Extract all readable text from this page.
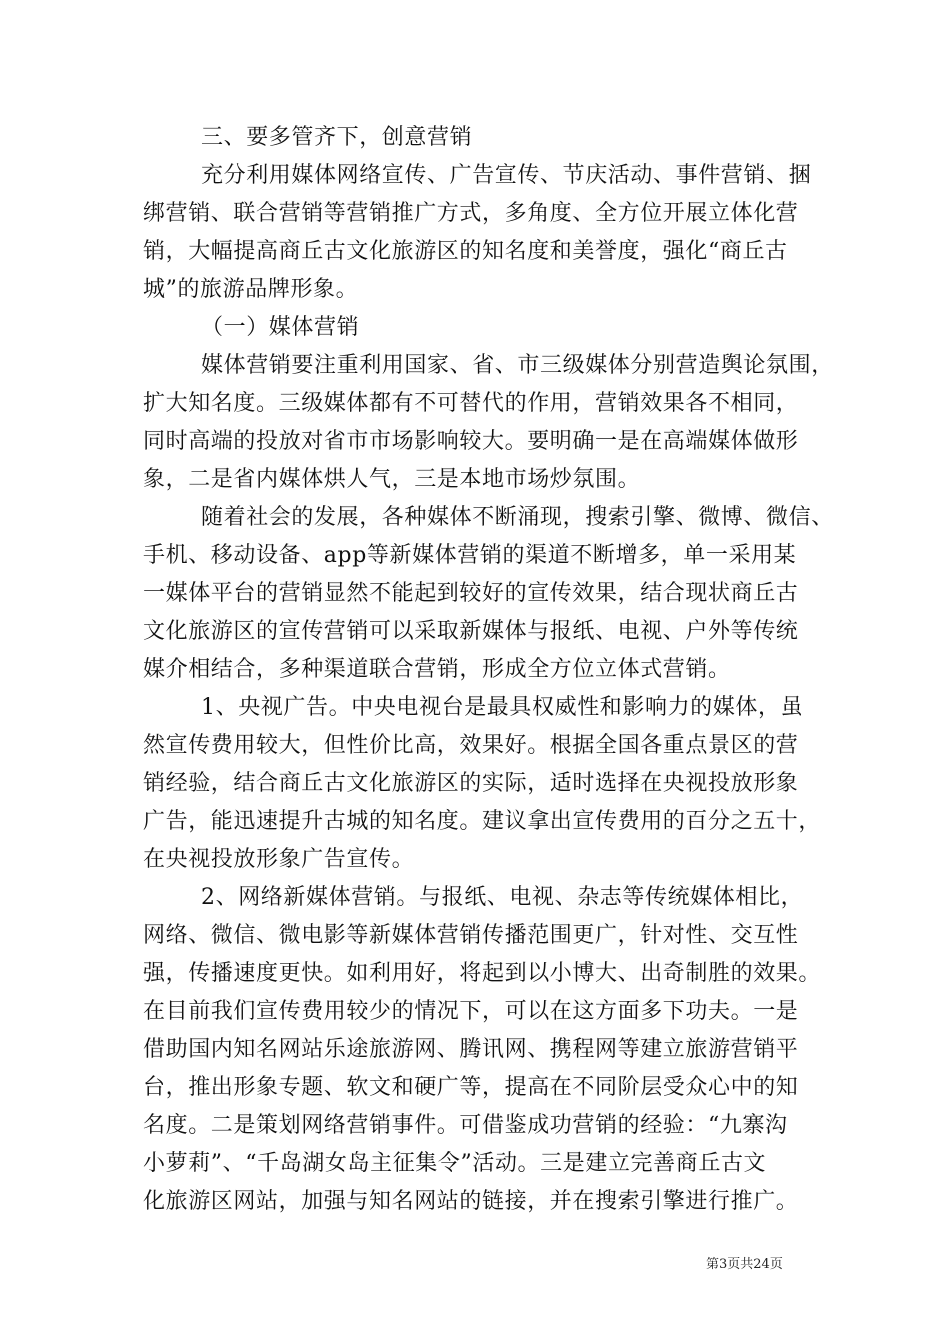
三、要多管齐下，创意营销

充分利用媒体网络宣传、广告宣传、节庆活动、事件营销、捆

绑营销、联合营销等营销推广方式，多角度、全方位开展立体化营

销，大幅提高商丘古文化旅游区的知名度和美誉度，强化“商丘古

城”的旅游品牌形象。

（一）媒体营销

媒体营销要注重利用国家、省、市三级媒体分别营造舆论氛围，

扩大知名度。三级媒体都有不可替代的作用，营销效果各不相同，

同时高端的投放对省市市场影响较大。要明确一是在高端媒体做形

象，二是省内媒体烘人气，三是本地市场炒氛围。

随着社会的发展，各种媒体不断涌现，搜索引擎、微博、微信、

手机、移动设备、app等新媒体营销的渠道不断增多，单一采用某

一媒体平台的营销显然不能起到较好的宣传效果，结合现状商丘古

文化旅游区的宣传营销可以采取新媒体与报纸、电视、户外等传统

媒介相结合，多种渠道联合营销，形成全方位立体式营销。

1、央视广告。中央电视台是最具权威性和影响力的媒体，虽

然宣传费用较大，但性价比高，效果好。根据全国各重点景区的营

销经验，结合商丘古文化旅游区的实际，适时选择在央视投放形象

广告，能迅速提升古城的知名度。建议拿出宣传费用的百分之五十，

在央视投放形象广告宣传。

2、网络新媒体营销。与报纸、电视、杂志等传统媒体相比，

网络、微信、微电影等新媒体营销传播范围更广，针对性、交互性

强，传播速度更快。如利用好，将起到以小博大、出奇制胜的效果。

在目前我们宣传费用较少的情况下，可以在这方面多下功夫。一是

借助国内知名网站乐途旅游网、腾讯网、携程网等建立旅游营销平

台，推出形象专题、软文和硬广等，提高在不同阶层受众心中的知

名度。二是策划网络营销事件。可借鉴成功营销的经验：“九寨沟

小萝莉”、“千岛湖女岛主征集令”活动。三是建立完善商丘古文

化旅游区网站，加强与知名网站的链接，并在搜索引擎进行推广。

第3页共24页
